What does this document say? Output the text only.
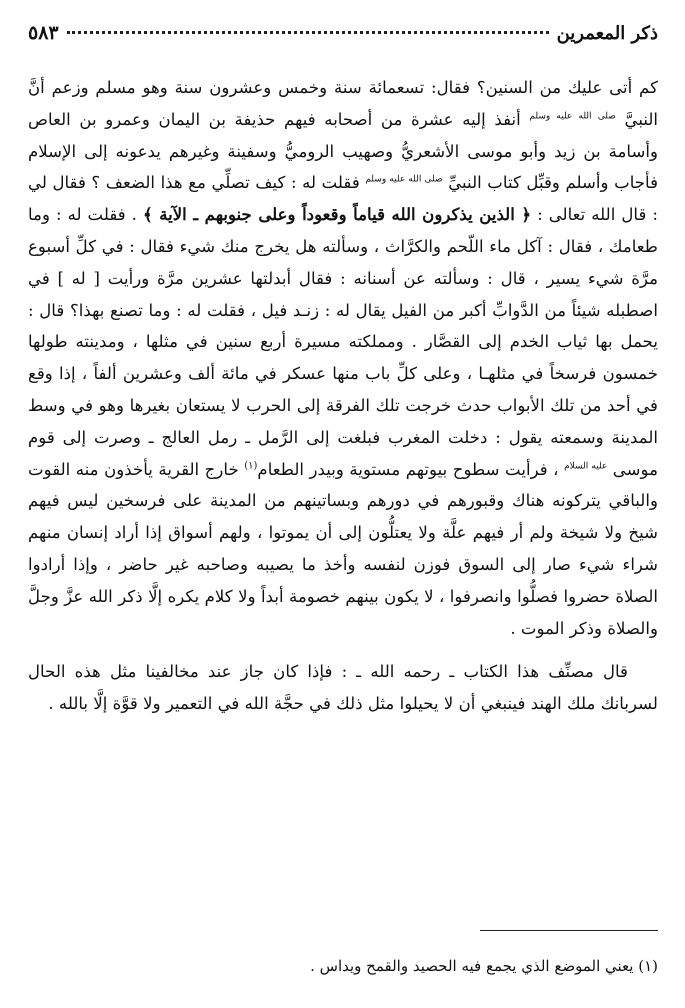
ذكر المعمرين
٥٨٣

كم أتى عليك من السنين؟ فقال: تسعمائة سنة وخمس وعشرون سنة وهو مسلم وزعم أنَّ النبيَّ $^{صلى الله عليه وسلم}$ أنفذ إليه عشرة من أصحابه فيهم حذيفة بن اليمان وعمرو بن العاص وأسامة بن زيد وأبو موسى الأشعريُّ وصهيب الروميُّ وسفينة وغيرهم يدعونه إلى الإسلام فأجاب وأسلم وقبِّل كتاب النبيِّ $^{صلى الله عليه وسلم}$ فقلت له : كيف تصلِّي مع هذا الضعف ؟ فقال لي : قال الله تعالى : ﴿ الذين يذكرون الله قياماً وقعوداً وعلى جنوبهم ـ الآية ﴾ . فقلت له : وما طعامك ، فقال : آكل ماء اللّحم والكرَّاث ، وسألته هل يخرج منك شيء فقال : في كلِّ أسبوع مرَّة شيء يسير ، قال : وسألته عن أسنانه : فقال أبدلتها عشرين مرَّة ورأيت [ له ] في اصطبله شيئاً من الدَّوابِّ أكبر من الفيل يقال له : زنـد فيل ، فقلت له : وما تصنع بهذا؟ قال : يحمل بها ثياب الخدم إلى القصَّار . ومملكته مسيرة أربع سنين في مثلها ، ومدينته طولها خمسون فرسخاً في مثلهـا ، وعلى كلِّ باب منها عسكر في مائة ألف وعشرين ألفاً ، إذا وقع في أحد من تلك الأبواب حدث خرجت تلك الفرقة إلى الحرب لا يستعان بغيرها وهو في وسط المدينة وسمعته يقول : دخلت المغرب فبلغت إلى الرَّمل ـ رمل العالج ـ وصرت إلى قوم موسى $^{عليه السلام}$ ، فرأيت سطوح بيوتهم مستوية وبيدر الطعام$^{(١)}$ خارج القرية يأخذون منه القوت والباقي يتركونه هناك وقبورهم في دورهم وبساتينهم من المدينة على فرسخين ليس فيهم شيخ ولا شيخة ولم أر فيهم علَّة ولا يعتلُّون إلى أن يموتوا ، ولهم أسواق إذا أراد إنسان منهم شراء شيء صار إلى السوق فوزن لنفسه وأخذ ما يصيبه وصاحبه غير حاضر ، وإذا أرادوا الصلاة حضروا فصلُّوا وانصرفوا ، لا يكون بينهم خصومة أبداً ولا كلام يكره إلَّا ذكر الله عزَّ وجلَّ والصلاة وذكر الموت .

قال مصنِّف هذا الكتاب ـ رحمه الله ـ : فإذا كان جاز عند مخالفينا مثل هذه الحال لسربانك ملك الهند فينبغي أن لا يحيلوا مثل ذلك في حجَّة الله في التعمير ولا قوَّة إلَّا بالله .

(١) يعني الموضع الذي يجمع فيه الحصيد والقمح ويداس .
